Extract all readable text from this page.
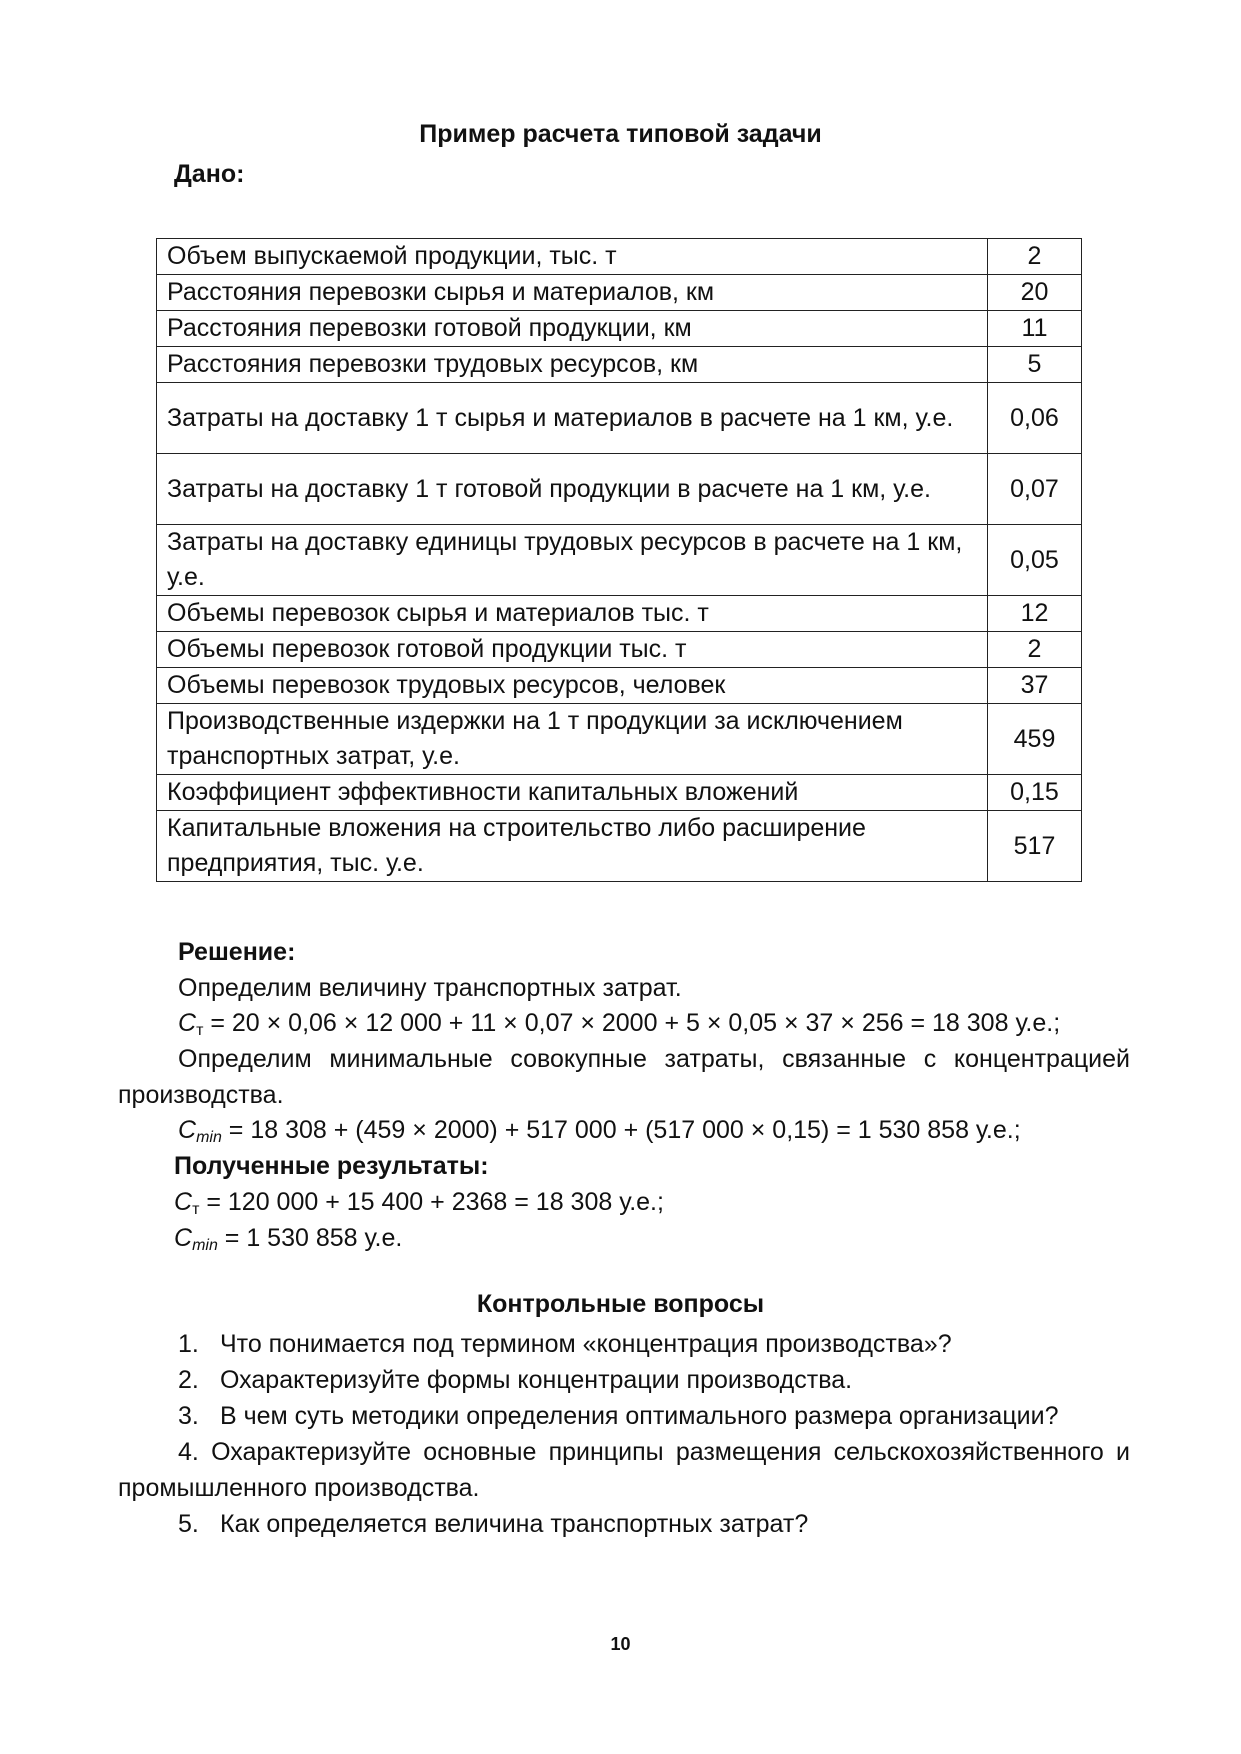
Пример расчета типовой задачи
Дано:
Объем выпускаемой продукции, тыс. т	2
Расстояния перевозки сырья и материалов, км	20
Расстояния перевозки готовой продукции, км	11
Расстояния перевозки трудовых ресурсов, км	5
Затраты на доставку 1 т сырья и материалов в расчете на 1 км, у.е.	0,06
Затраты на доставку 1 т готовой продукции в расчете на 1 км, у.е.	0,07
Затраты на доставку единицы трудовых ресурсов в расчете на 1 км, у.е.	0,05
Объемы перевозок сырья и материалов тыс. т	12
Объемы перевозок готовой продукции тыс. т	2
Объемы перевозок трудовых ресурсов, человек	37
Производственные издержки на 1 т продукции за исключением транспортных затрат, у.е.	459
Коэффициент эффективности капитальных вложений	0,15
Капитальные вложения на строительство либо расширение предприятия, тыс. у.е.	517
Решение:
Определим величину транспортных затрат.
$C_т = 20 \times 0,06 \times 12$ 000 + 11 × 0,07 × 2000 + 5 × 0,05 × 37 × 256 = 18 308 у.е.;
Определим минимальные совокупные затраты, связанные с концентрацией производства.
$C_{min} = 18$ 308 + (459 × 2000) + 517 000 + (517 000 × 0,15) = 1 530 858 у.е.;
Полученные результаты:
$C_т = 120$ 000 + 15 400 + 2368 = 18 308 у.е.;
$C_{min} = 1$ 530 858 у.е.
Контрольные вопросы
1. Что понимается под термином «концентрация производства»?
2. Охарактеризуйте формы концентрации производства.
3. В чем суть методики определения оптимального размера организации?
4. Охарактеризуйте основные принципы размещения сельскохозяйственного и промышленного производства.
5. Как определяется величина транспортных затрат?
10
